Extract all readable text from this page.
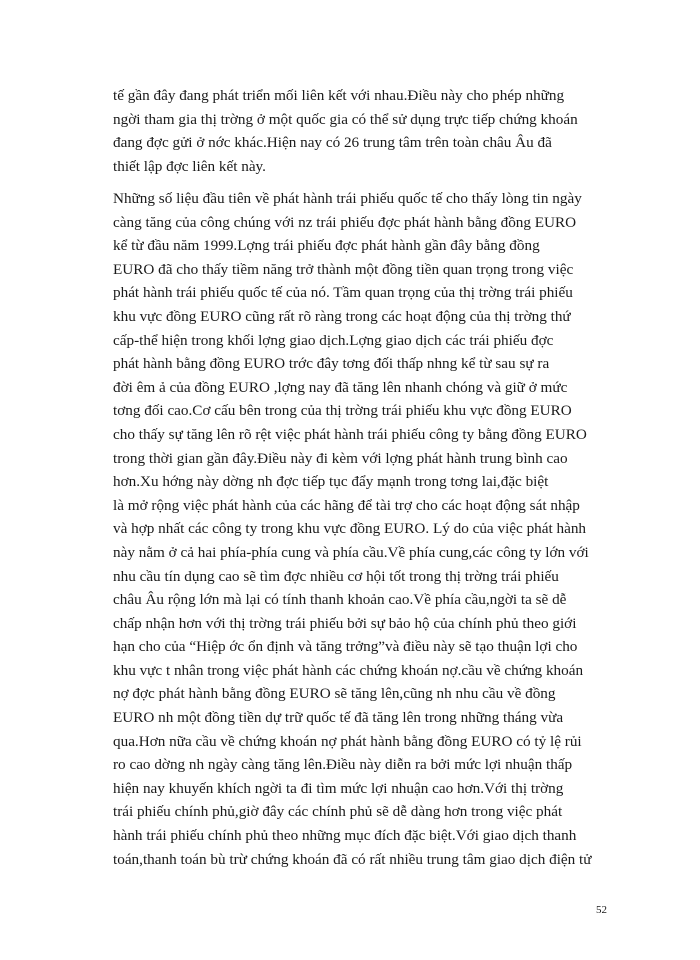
tế gần đây đang phát triển mối liên kết với nhau.Điều này cho phép những
ngời tham gia thị trờng ở một quốc gia có thể sử dụng trực tiếp chứng khoán
đang đợc gửi ở nớc khác.Hiện nay có 26 trung tâm trên toàn châu Âu đã
thiết lập đợc liên kết này.
Những số liệu đầu tiên về phát hành trái phiếu quốc tế cho thấy lòng tin ngày
càng tăng của công chúng với nz trái phiếu đợc phát hành bằng đồng EURO
kể từ đầu năm 1999.Lợng trái phiếu đợc phát hành gần đây bằng đồng
EURO đã cho thấy tiềm năng trở thành một đồng tiền quan trọng trong việc
phát hành trái phiếu quốc tế của nó. Tầm quan trọng của thị trờng trái phiếu
khu vực đồng EURO cũng rất rõ ràng trong các hoạt động của thị trờng thứ
cấp-thể hiện trong khối lợng giao dịch.Lợng giao dịch các trái phiếu đợc
phát hành bằng đồng EURO trớc đây tơng đối thấp nhng kể từ sau sự ra
đời êm ả của đồng EURO ,lợng nay đã tăng lên nhanh chóng và giữ ở mức
tơng đối cao.Cơ cấu bên trong của thị trờng trái phiếu khu vực đồng EURO
cho thấy sự tăng lên rõ rệt việc phát hành trái phiếu công ty bằng đồng EURO
trong thời gian gần đây.Điều này đi kèm với lợng phát hành trung bình cao
hơn.Xu hớng này dờng nh đợc tiếp tục đẩy mạnh trong tơng lai,đặc biệt
là mở rộng việc phát hành của các hãng để tài trợ cho các hoạt động sát nhập
và hợp nhất các công ty trong khu vực đồng EURO. Lý do của việc phát hành
này nằm ở cả hai phía-phía cung và phía cầu.Về phía cung,các công ty lớn với
nhu cầu tín dụng cao sẽ tìm đợc nhiều cơ hội tốt trong thị trờng trái phiếu
châu Âu rộng lớn mà lại có tính thanh khoản cao.Về phía cầu,ngời ta sẽ dễ
chấp nhận hơn với thị trờng trái phiếu bởi sự bảo hộ của chính phủ theo giới
hạn cho của “Hiệp ớc ổn định và tăng trởng”và điều này sẽ tạo thuận lợi cho
khu vực t nhân trong việc phát hành các chứng khoán nợ.cầu về chứng khoán
nợ đợc phát hành bằng đồng EURO sẽ tăng lên,cũng nh nhu cầu về đồng
EURO nh một đồng tiền dự trữ quốc tế đã tăng lên trong những tháng vừa
qua.Hơn nữa cầu về chứng khoán nợ phát hành bằng đồng EURO có tỷ lệ rủi
ro cao dờng nh ngày càng tăng lên.Điều này diễn ra bởi mức lợi nhuận thấp
hiện nay khuyến khích ngời ta đi tìm mức lợi nhuận cao hơn.Với thị trờng
trái phiếu chính phủ,giờ đây các chính phủ sẽ dễ dàng hơn trong việc phát
hành trái phiếu chính phủ theo những mục đích đặc biệt.Với giao dịch thanh
toán,thanh toán bù trừ chứng khoán đã có rất nhiều trung tâm giao dịch điện tử
52
